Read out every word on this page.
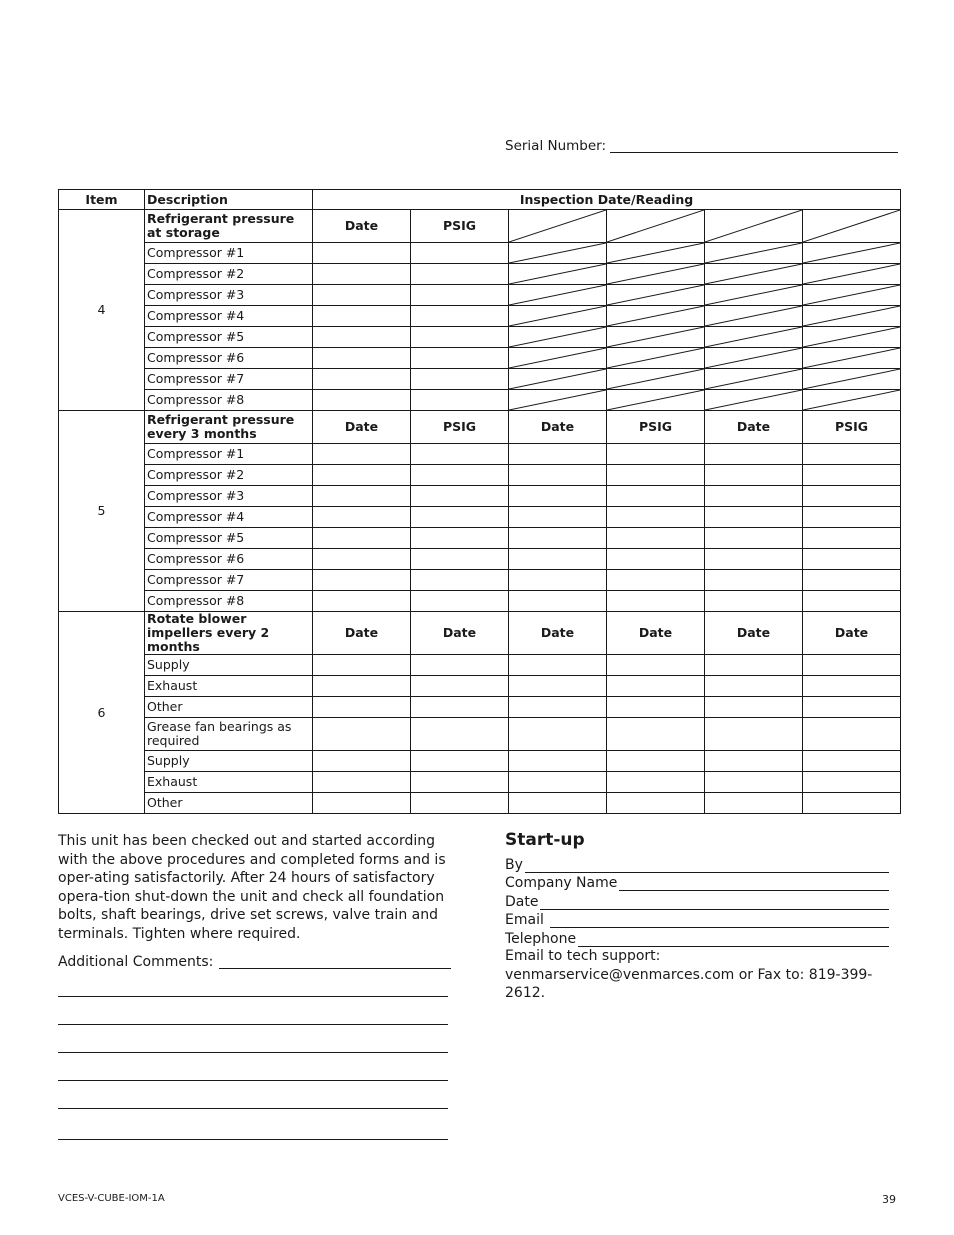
Serial Number:
Item	Description	Inspection Date/Reading					
4	Refrigerant pressure at storage	Date	PSIG	

	Compressor #1			

	Compressor #2			

	Compressor #3			

	Compressor #4			

	Compressor #5			

	Compressor #6			

	Compressor #7			

	Compressor #8			

5	Refrigerant pressure every 3 months	Date	PSIG	Date	PSIG	Date	PSIG
	Compressor #1						
	Compressor #2						
	Compressor #3						
	Compressor #4						
	Compressor #5						
	Compressor #6						
	Compressor #7						
	Compressor #8						
6	Rotate blower impellers every 2 months	Date	Date	Date	Date	Date	Date
	Supply						
	Exhaust						
	Other						
	Grease fan bearings as required						
	Supply						
	Exhaust						
	Other						
This unit has been checked out and started according with the above procedures and completed forms and is oper-ating satisfactorily. After 24 hours of satisfactory opera-tion shut-down the unit and check all foundation bolts, shaft bearings, drive set screws, valve train and terminals. Tighten where required.
Additional Comments:
Start-up
By
Company Name
Date
Email
Telephone
Email to tech support: venmarservice@venmarces.com or Fax to: 819-399-2612.
VCES-V-CUBE-IOM-1A	39
